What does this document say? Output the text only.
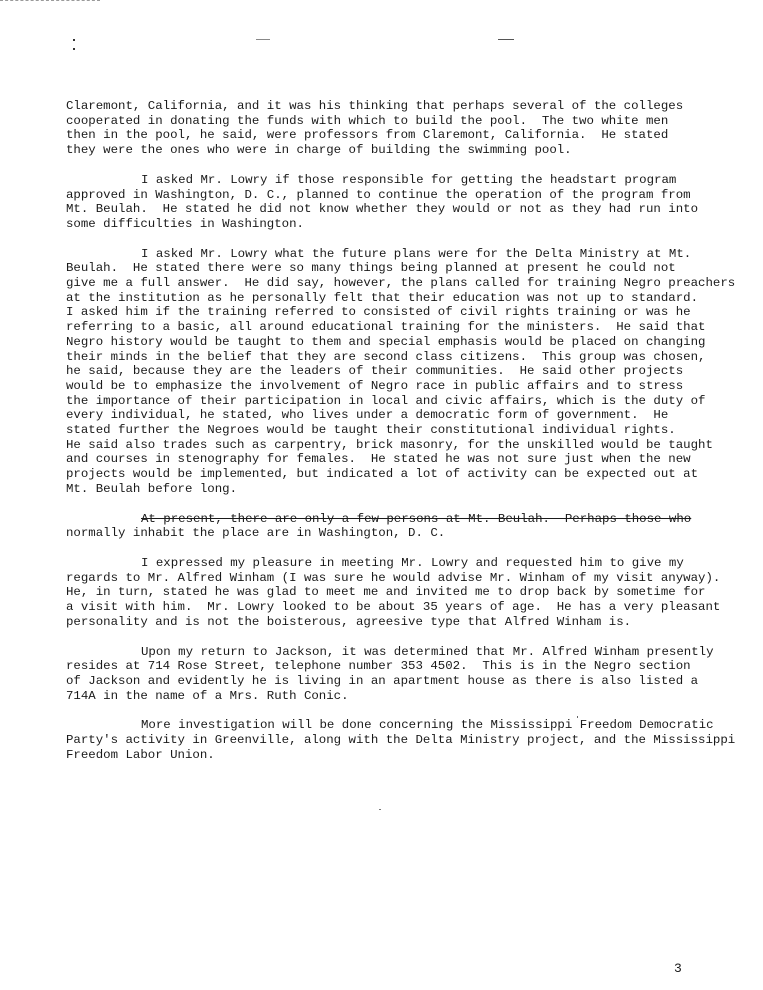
Claremont, California, and it was his thinking that perhaps several of the colleges
cooperated in donating the funds with which to build the pool.  The two white men
then in the pool, he said, were professors from Claremont, California.  He stated
they were the ones who were in charge of building the swimming pool.
I asked Mr. Lowry if those responsible for getting the headstart program
approved in Washington, D. C., planned to continue the operation of the program from
Mt. Beulah.  He stated he did not know whether they would or not as they had run into
some difficulties in Washington.
I asked Mr. Lowry what the future plans were for the Delta Ministry at Mt.
Beulah.  He stated there were so many things being planned at present he could not
give me a full answer.  He did say, however, the plans called for training Negro preachers
at the institution as he personally felt that their education was not up to standard.
I asked him if the training referred to consisted of civil rights training or was he
referring to a basic, all around educational training for the ministers.  He said that
Negro history would be taught to them and special emphasis would be placed on changing
their minds in the belief that they are second class citizens.  This group was chosen,
he said, because they are the leaders of their communities.  He said other projects
would be to emphasize the involvement of Negro race in public affairs and to stress
the importance of their participation in local and civic affairs, which is the duty of
every individual, he stated, who lives under a democratic form of government.  He
stated further the Negroes would be taught their constitutional individual rights.
He said also trades such as carpentry, brick masonry, for the unskilled would be taught
and courses in stenography for females.  He stated he was not sure just when the new
projects would be implemented, but indicated a lot of activity can be expected out at
Mt. Beulah before long.
At present, there are only a few persons at Mt. Beulah.  Perhaps those who
normally inhabit the place are in Washington, D. C.
I expressed my pleasure in meeting Mr. Lowry and requested him to give my
regards to Mr. Alfred Winham (I was sure he would advise Mr. Winham of my visit anyway).
He, in turn, stated he was glad to meet me and invited me to drop back by sometime for
a visit with him.  Mr. Lowry looked to be about 35 years of age.  He has a very pleasant
personality and is not the boisterous, agreesive type that Alfred Winham is.
Upon my return to Jackson, it was determined that Mr. Alfred Winham presently
resides at 714 Rose Street, telephone number 353 4502.  This is in the Negro section
of Jackson and evidently he is living in an apartment house as there is also listed a
714A in the name of a Mrs. Ruth Conic.
More investigation will be done concerning the Mississippi Freedom Democratic
Party's activity in Greenville, along with the Delta Ministry project, and the Mississippi
Freedom Labor Union.
3
